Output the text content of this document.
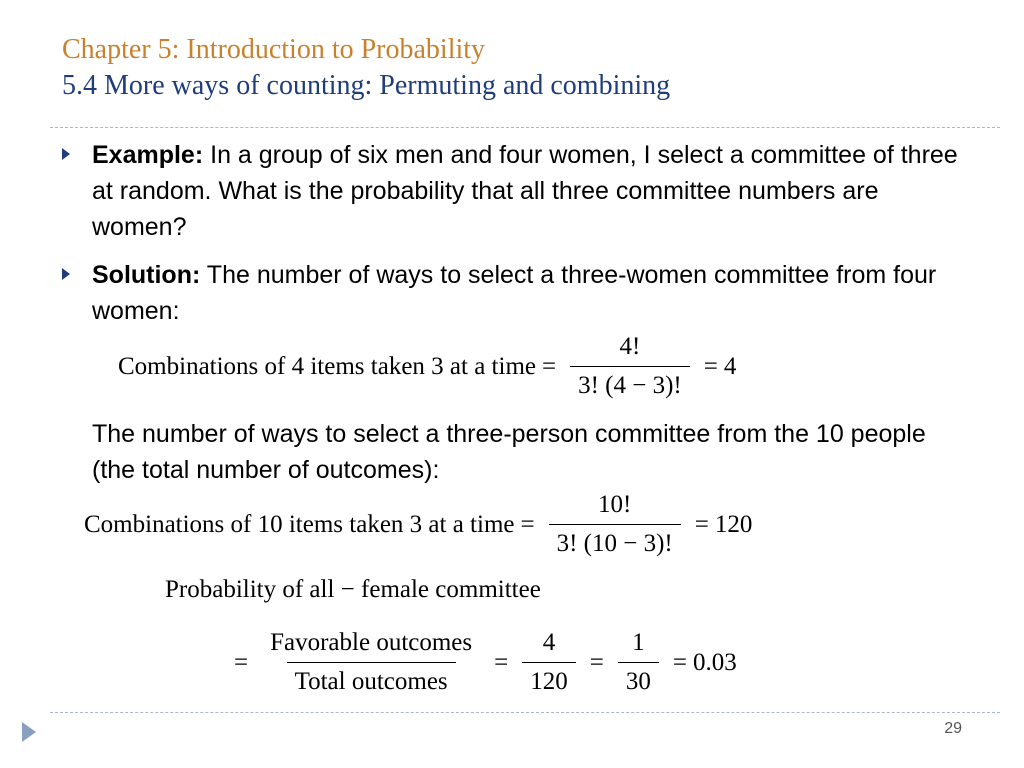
Chapter 5: Introduction to Probability
5.4 More ways of counting: Permuting and combining
Example: In a group of six men and four women, I select a committee of three at random. What is the probability that all three committee numbers are women?
Solution: The number of ways to select a three-women committee from four women:
Combinations of 4 items taken 3 at a time = $\frac{4!}{3! (4 - 3)!} = 4$
The number of ways to select a three-person committee from the 10 people (the total number of outcomes):
Combinations of 10 items taken 3 at a time = $\frac{10!}{3! (10 - 3)!} = 120$
Probability of all − female committee
= $\frac{\text{Favorable outcomes}}{\text{Total outcomes}} = \frac{4}{120} = \frac{1}{30} = 0.03$
29
